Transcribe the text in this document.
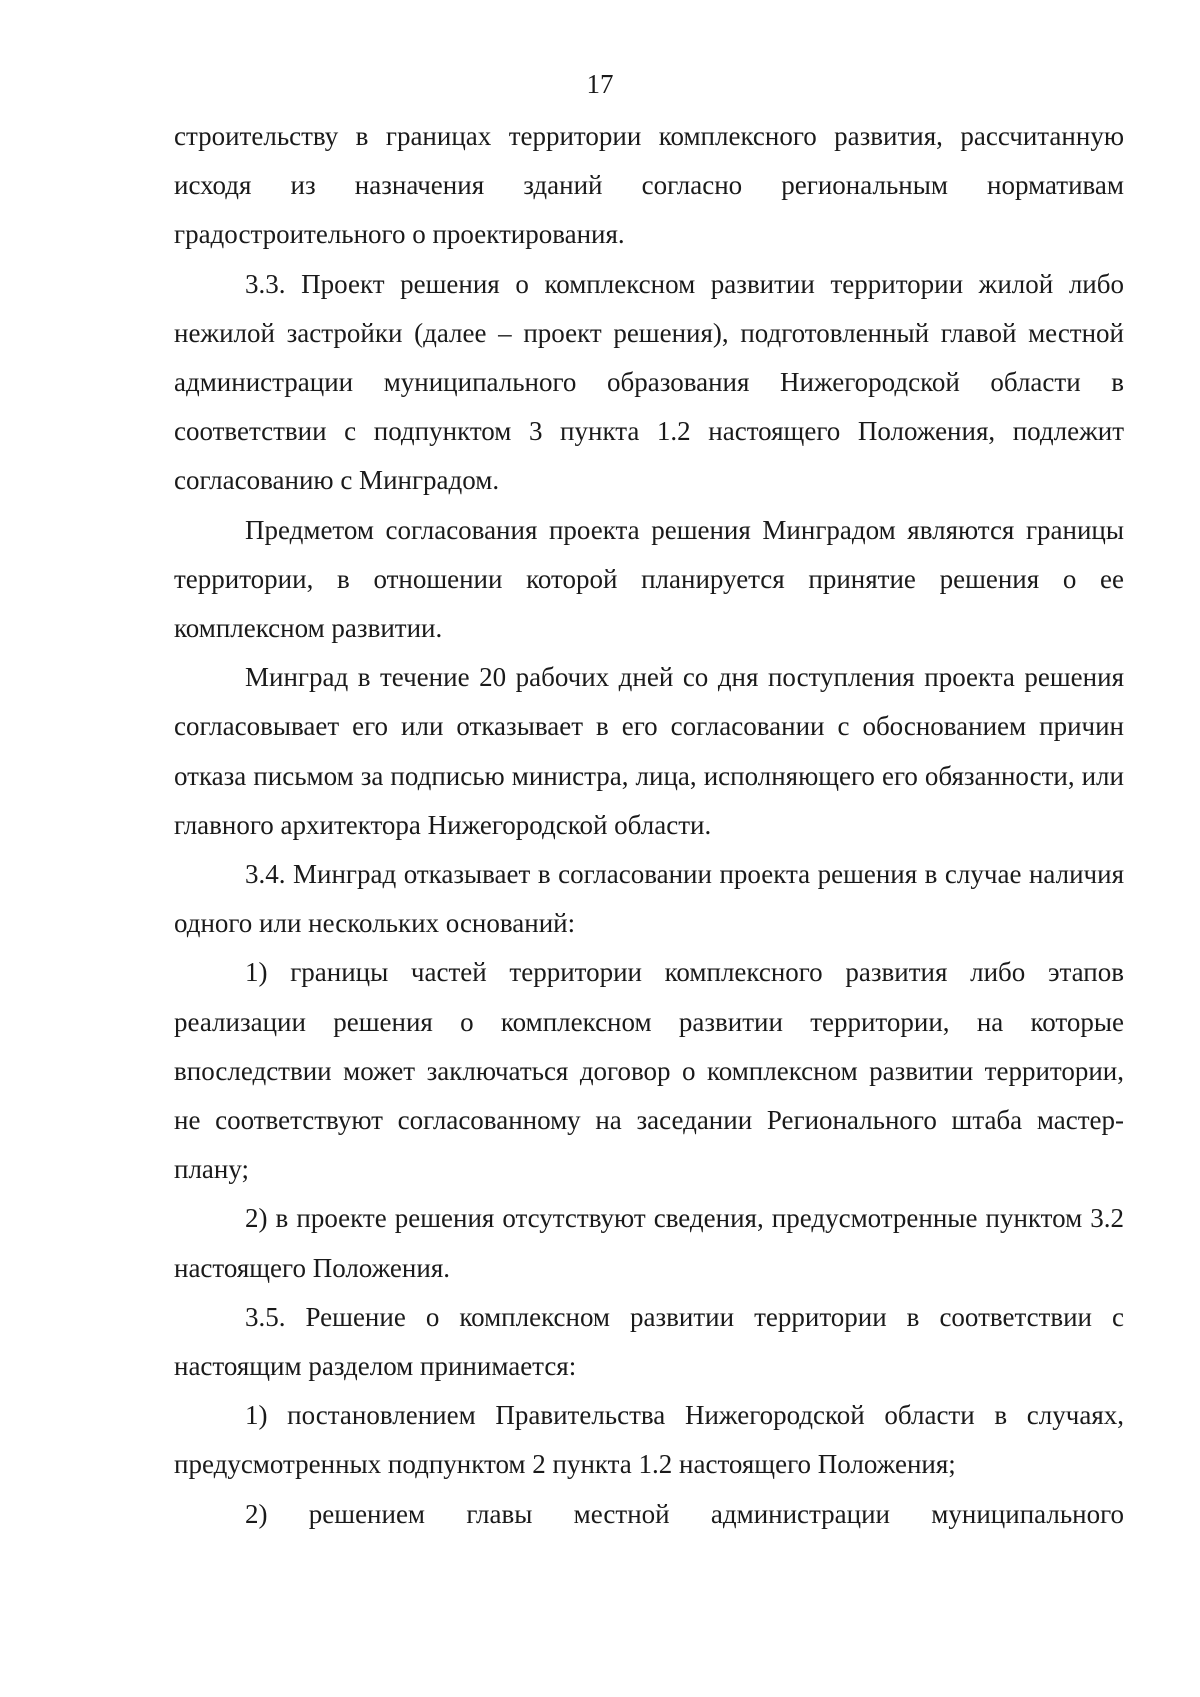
17

строительству в границах территории комплексного развития, рассчитанную исходя из назначения зданий согласно региональным нормативам градостроительного о проектирования.

3.3. Проект решения о комплексном развитии территории жилой либо нежилой застройки (далее – проект решения), подготовленный главой местной администрации муниципального образования Нижегородской области в соответствии с подпунктом 3 пункта 1.2 настоящего Положения, подлежит согласованию с Минградом.

Предметом согласования проекта решения Минградом являются границы территории, в отношении которой планируется принятие решения о ее комплексном развитии.

Минград в течение 20 рабочих дней со дня поступления проекта решения согласовывает его или отказывает в его согласовании с обоснованием причин отказа письмом за подписью министра, лица, исполняющего его обязанности, или главного архитектора Нижегородской области.

3.4. Минград отказывает в согласовании проекта решения в случае наличия одного или нескольких оснований:

1) границы частей территории комплексного развития либо этапов реализации решения о комплексном развитии территории, на которые впоследствии может заключаться договор о комплексном развитии территории, не соответствуют согласованному на заседании Регионального штаба мастер-плану;

2) в проекте решения отсутствуют сведения, предусмотренные пунктом 3.2 настоящего Положения.

3.5. Решение о комплексном развитии территории в соответствии с настоящим разделом принимается:

1) постановлением Правительства Нижегородской области в случаях, предусмотренных подпунктом 2 пункта 1.2 настоящего Положения;

2) решением главы местной администрации муниципального
